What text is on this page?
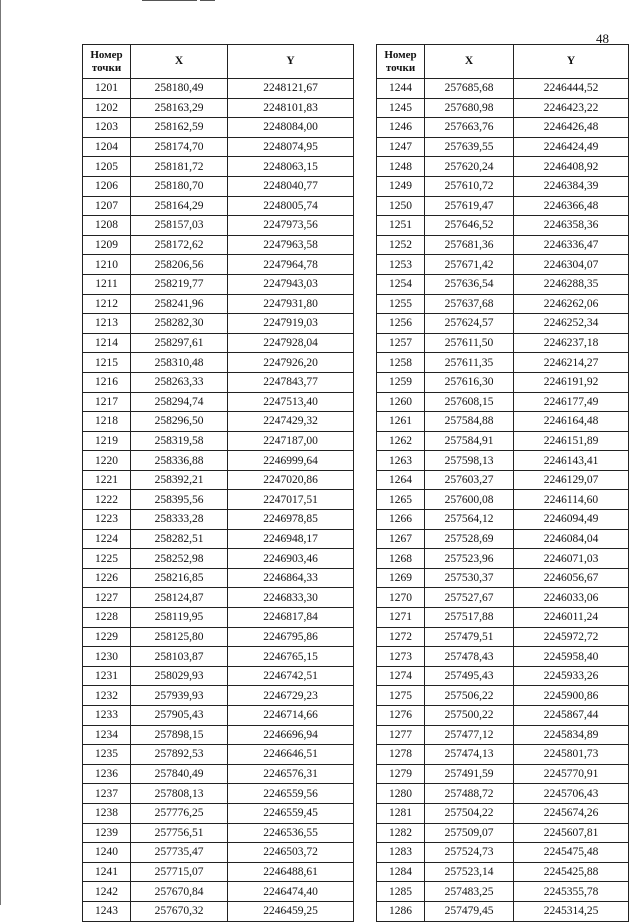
48
Номер
точки	X	Y
1201	258180,49	2248121,67
1202	258163,29	2248101,83
1203	258162,59	2248084,00
1204	258174,70	2248074,95
1205	258181,72	2248063,15
1206	258180,70	2248040,77
1207	258164,29	2248005,74
1208	258157,03	2247973,56
1209	258172,62	2247963,58
1210	258206,56	2247964,78
1211	258219,77	2247943,03
1212	258241,96	2247931,80
1213	258282,30	2247919,03
1214	258297,61	2247928,04
1215	258310,48	2247926,20
1216	258263,33	2247843,77
1217	258294,74	2247513,40
1218	258296,50	2247429,32
1219	258319,58	2247187,00
1220	258336,88	2246999,64
1221	258392,21	2247020,86
1222	258395,56	2247017,51
1223	258333,28	2246978,85
1224	258282,51	2246948,17
1225	258252,98	2246903,46
1226	258216,85	2246864,33
1227	258124,87	2246833,30
1228	258119,95	2246817,84
1229	258125,80	2246795,86
1230	258103,87	2246765,15
1231	258029,93	2246742,51
1232	257939,93	2246729,23
1233	257905,43	2246714,66
1234	257898,15	2246696,94
1235	257892,53	2246646,51
1236	257840,49	2246576,31
1237	257808,13	2246559,56
1238	257776,25	2246559,45
1239	257756,51	2246536,55
1240	257735,47	2246503,72
1241	257715,07	2246488,61
1242	257670,84	2246474,40
1243	257670,32	2246459,25
Номер
точки	X	Y
1244	257685,68	2246444,52
1245	257680,98	2246423,22
1246	257663,76	2246426,48
1247	257639,55	2246424,49
1248	257620,24	2246408,92
1249	257610,72	2246384,39
1250	257619,47	2246366,48
1251	257646,52	2246358,36
1252	257681,36	2246336,47
1253	257671,42	2246304,07
1254	257636,54	2246288,35
1255	257637,68	2246262,06
1256	257624,57	2246252,34
1257	257611,50	2246237,18
1258	257611,35	2246214,27
1259	257616,30	2246191,92
1260	257608,15	2246177,49
1261	257584,88	2246164,48
1262	257584,91	2246151,89
1263	257598,13	2246143,41
1264	257603,27	2246129,07
1265	257600,08	2246114,60
1266	257564,12	2246094,49
1267	257528,69	2246084,04
1268	257523,96	2246071,03
1269	257530,37	2246056,67
1270	257527,67	2246033,06
1271	257517,88	2246011,24
1272	257479,51	2245972,72
1273	257478,43	2245958,40
1274	257495,43	2245933,26
1275	257506,22	2245900,86
1276	257500,22	2245867,44
1277	257477,12	2245834,89
1278	257474,13	2245801,73
1279	257491,59	2245770,91
1280	257488,72	2245706,43
1281	257504,22	2245674,26
1282	257509,07	2245607,81
1283	257524,73	2245475,48
1284	257523,14	2245425,88
1285	257483,25	2245355,78
1286	257479,45	2245314,25
